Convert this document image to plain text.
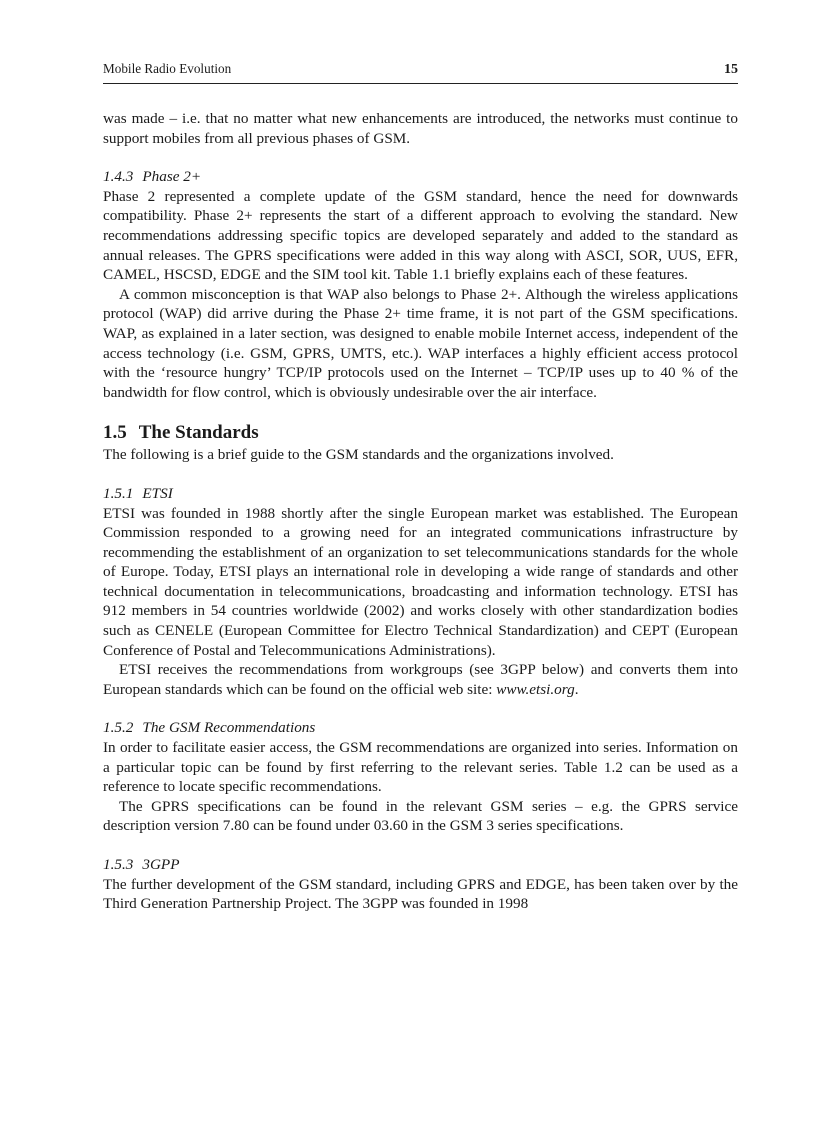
Mobile Radio Evolution	15

was made – i.e. that no matter what new enhancements are introduced, the networks must continue to support mobiles from all previous phases of GSM.

1.4.3 Phase 2+

Phase 2 represented a complete update of the GSM standard, hence the need for downwards compatibility. Phase 2+ represents the start of a different approach to evolving the standard. New recommendations addressing specific topics are developed separately and added to the standard as annual releases. The GPRS specifications were added in this way along with ASCI, SOR, UUS, EFR, CAMEL, HSCSD, EDGE and the SIM tool kit. Table 1.1 briefly explains each of these features.

A common misconception is that WAP also belongs to Phase 2+. Although the wireless applications protocol (WAP) did arrive during the Phase 2+ time frame, it is not part of the GSM specifications. WAP, as explained in a later section, was designed to enable mobile Internet access, independent of the access technology (i.e. GSM, GPRS, UMTS, etc.). WAP interfaces a highly efficient access protocol with the ‘resource hungry’ TCP/IP protocols used on the Internet – TCP/IP uses up to 40 % of the bandwidth for flow control, which is obviously undesirable over the air interface.

1.5 The Standards

The following is a brief guide to the GSM standards and the organizations involved.

1.5.1 ETSI

ETSI was founded in 1988 shortly after the single European market was established. The European Commission responded to a growing need for an integrated communications infrastructure by recommending the establishment of an organization to set telecommunications standards for the whole of Europe. Today, ETSI plays an international role in developing a wide range of standards and other technical documentation in telecommunications, broadcasting and information technology. ETSI has 912 members in 54 countries worldwide (2002) and works closely with other standardization bodies such as CENELE (European Committee for Electro Technical Standardization) and CEPT (European Conference of Postal and Telecommunications Administrations).

ETSI receives the recommendations from workgroups (see 3GPP below) and converts them into European standards which can be found on the official web site: www.etsi.org.

1.5.2 The GSM Recommendations

In order to facilitate easier access, the GSM recommendations are organized into series. Information on a particular topic can be found by first referring to the relevant series. Table 1.2 can be used as a reference to locate specific recommendations.

The GPRS specifications can be found in the relevant GSM series – e.g. the GPRS service description version 7.80 can be found under 03.60 in the GSM 3 series specifications.

1.5.3 3GPP

The further development of the GSM standard, including GPRS and EDGE, has been taken over by the Third Generation Partnership Project. The 3GPP was founded in 1998
